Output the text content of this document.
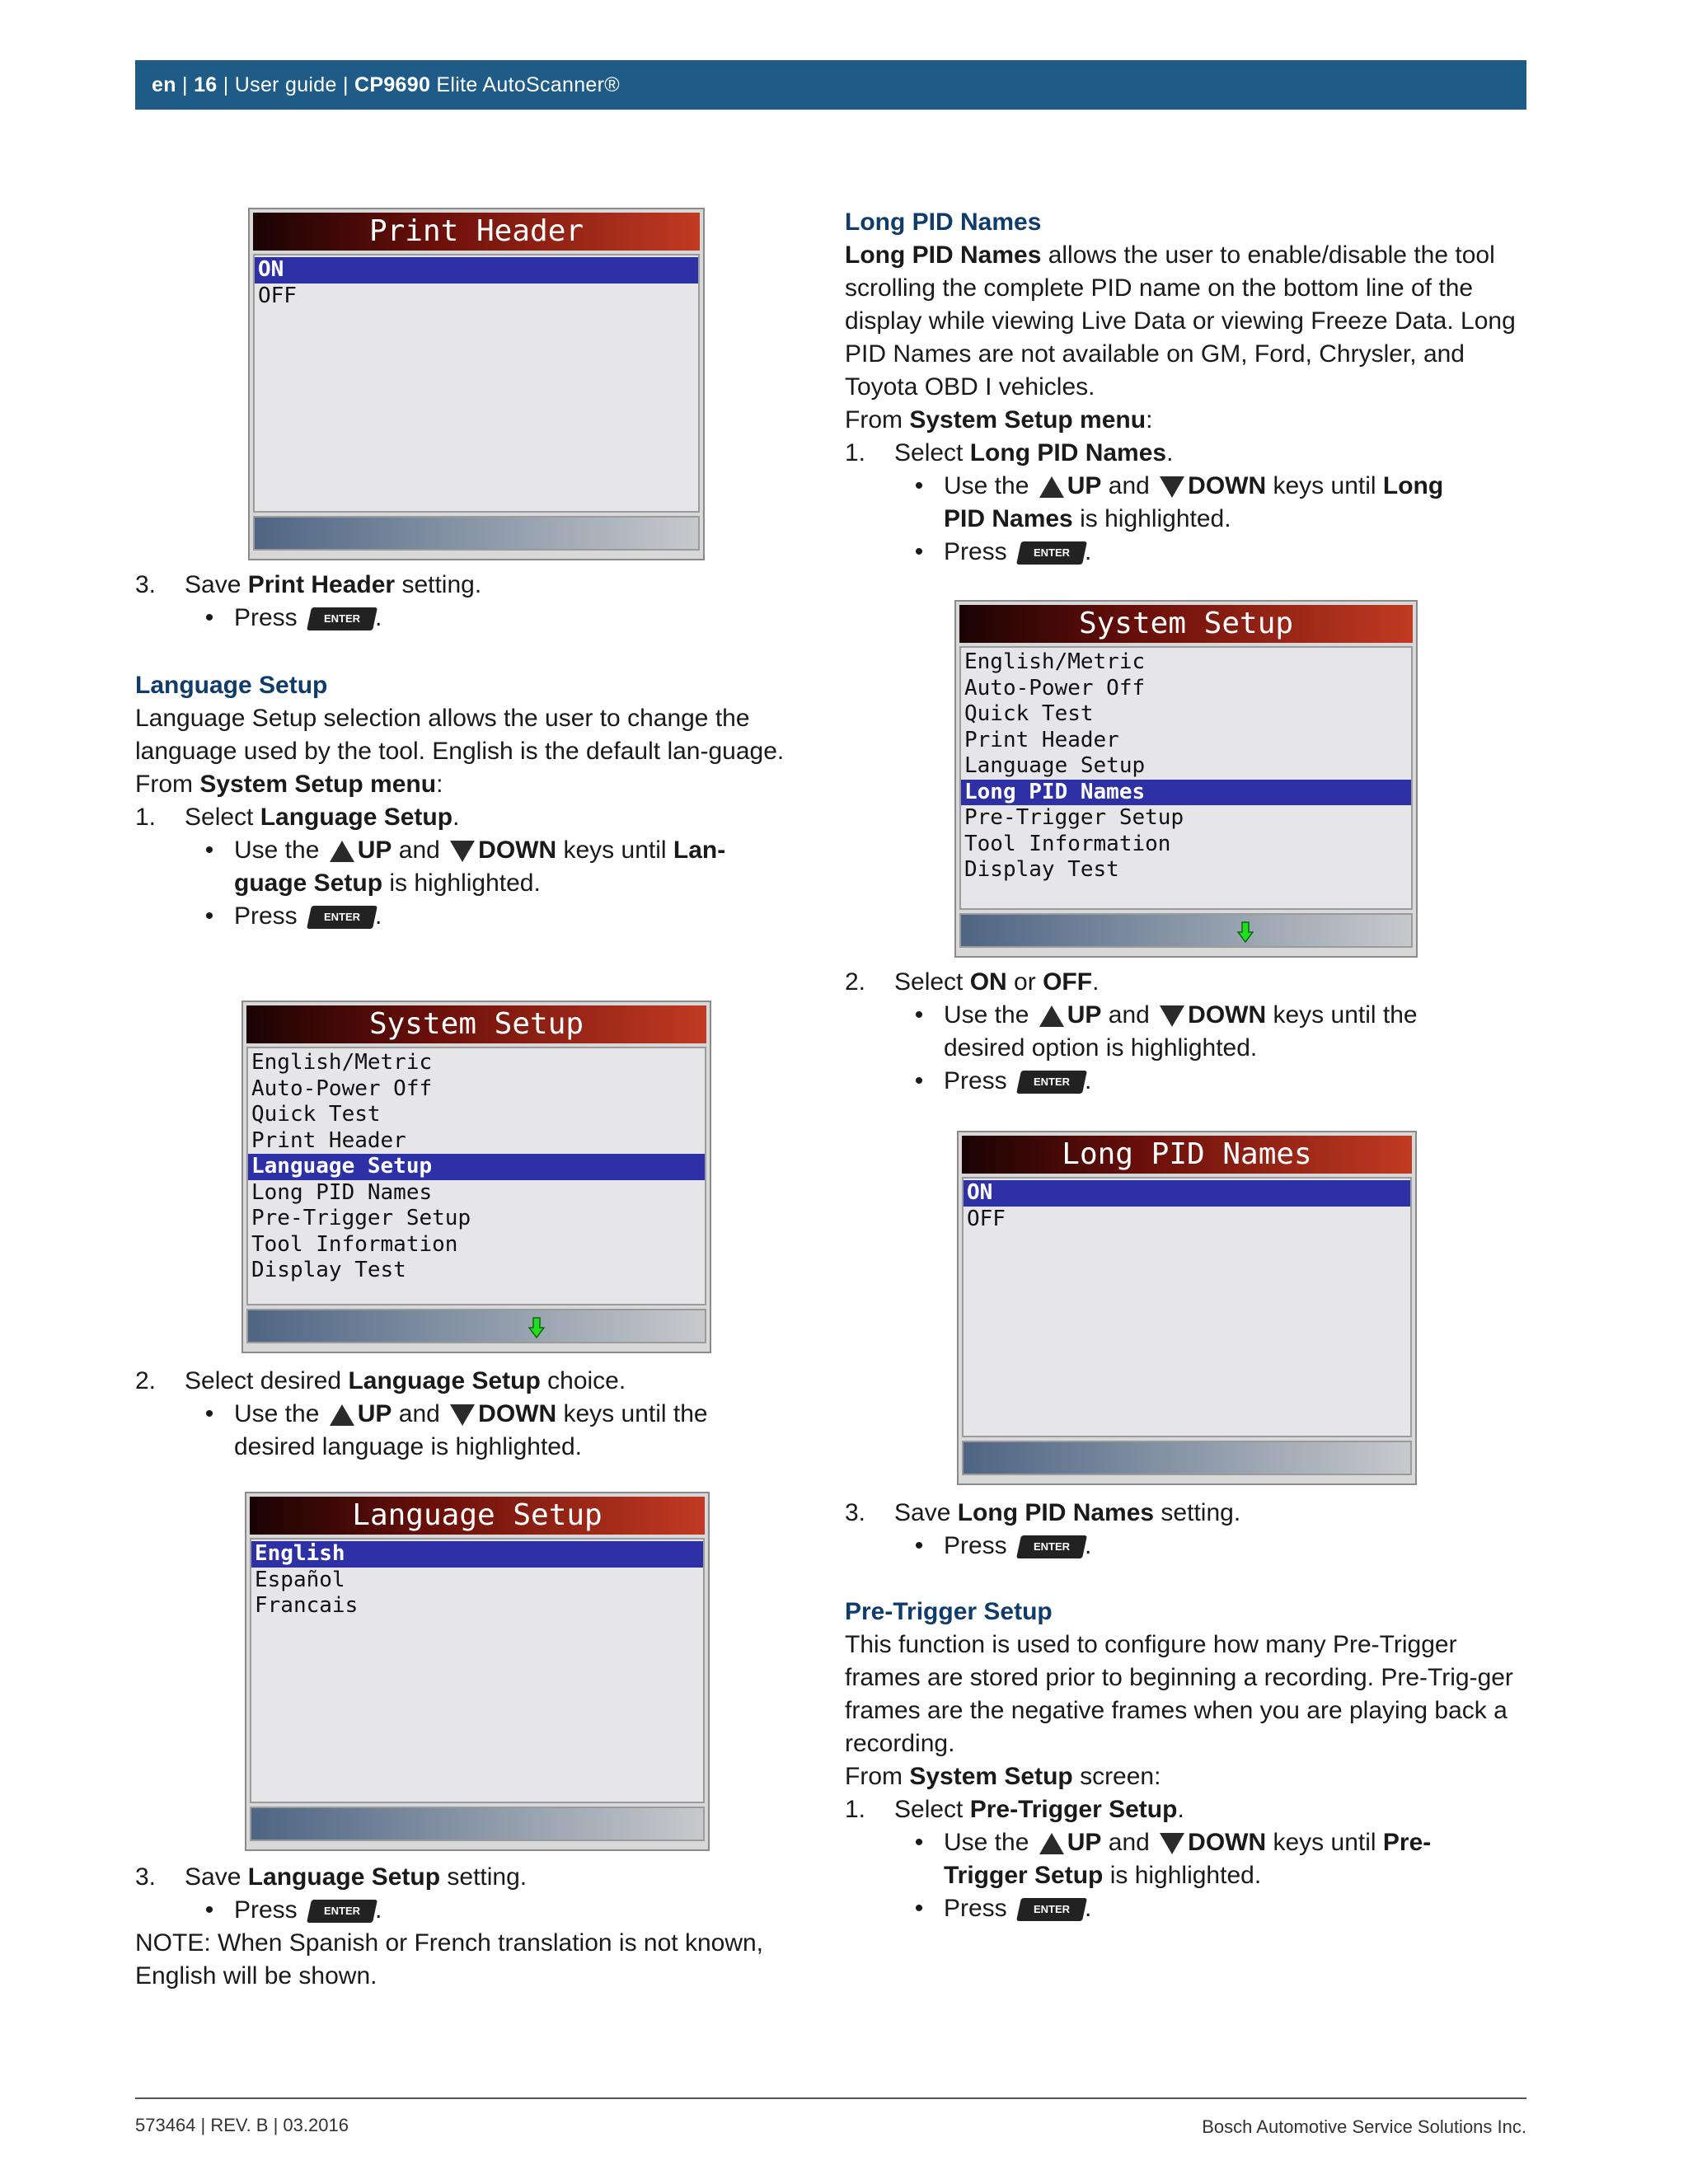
en | 16 | User guide | CP9690 Elite AutoScanner®
Print Header
ON
OFF
3.	Save Print Header setting.
• Press ENTER .

Language Setup

Language Setup selection allows the user to change the language used by the tool. English is the default lan-guage.

From System Setup menu:

1.	Select Language Setup.
• Use the UP and DOWN keys until Lan-
guage Setup is highlighted.
• Press ENTER .
System Setup
English/Metric
Auto-Power Off
Quick Test
Print Header
Language Setup
Long PID Names
Pre-Trigger Setup
Tool Information
Display Test
2.	Select desired Language Setup choice.
• Use the UP and DOWN keys until the
desired language is highlighted.
Language Setup
English
Español
Francais
3.	Save Language Setup setting.
• Press ENTER .

NOTE: When Spanish or French translation is not known, English will be shown.

Long PID Names

Long PID Names allows the user to enable/disable the tool scrolling the complete PID name on the bottom line of the display while viewing Live Data or viewing Freeze Data. Long PID Names are not available on GM, Ford, Chrysler, and Toyota OBD I vehicles.

From System Setup menu:

1.	Select Long PID Names.
• Use the UP and DOWN keys until Long
PID Names is highlighted.
• Press ENTER .
System Setup
English/Metric
Auto-Power Off
Quick Test
Print Header
Language Setup
Long PID Names
Pre-Trigger Setup
Tool Information
Display Test
2.	Select ON or OFF.
• Use the UP and DOWN keys until the
desired option is highlighted.
• Press ENTER .
Long PID Names
ON
OFF
3.	Save Long PID Names setting.
• Press ENTER .

Pre-Trigger Setup

This function is used to configure how many Pre-Trigger frames are stored prior to beginning a recording. Pre-Trig-ger frames are the negative frames when you are playing back a recording.

From System Setup screen:

1.	Select Pre-Trigger Setup.
• Use the UP and DOWN keys until Pre-
Trigger Setup is highlighted.
• Press ENTER .
573464 | REV. B | 03.2016	Bosch Automotive Service Solutions Inc.
